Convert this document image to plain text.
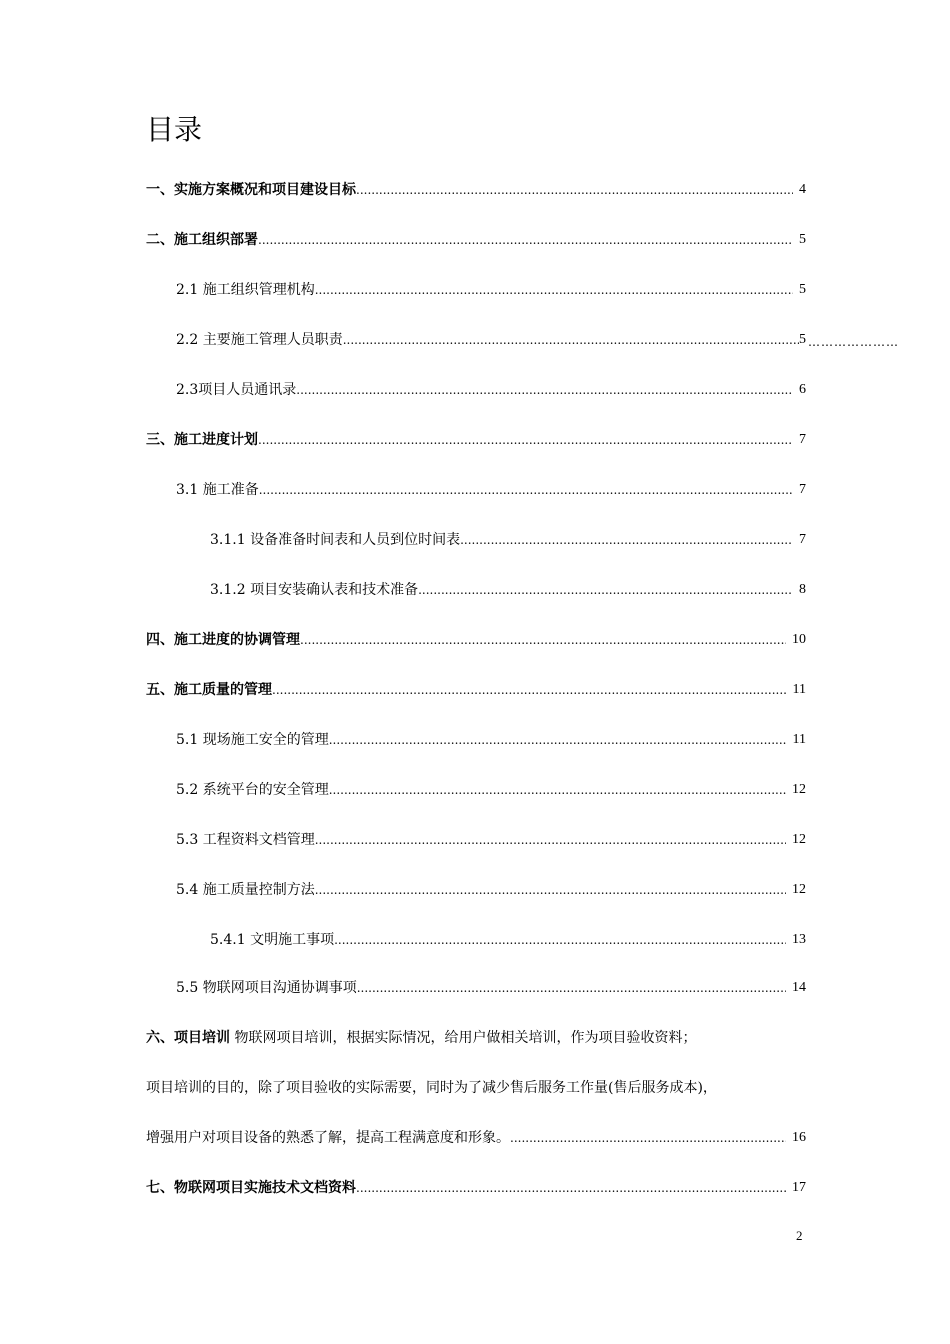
目录
一、实施方案概况和项目建设目标 .....	4
二、施工组织部署 .....	5
2.1 施工组织管理机构 .....	5
2.2 主要施工管理人员职责 .....	5 …………………
2.3项目人员通讯录 .....	6
三、施工进度计划 .....	7
3.1 施工准备 .....	7
3.1.1 设备准备时间表和人员到位时间表 .....	7
3.1.2 项目安装确认表和技术准备 .....	8
四、施工进度的协调管理 .....	10
五、施工质量的管理 .....	11
5.1 现场施工安全的管理 .....	11
5.2 系统平台的安全管理 .....	12
5.3 工程资料文档管理 .....	12
5.4 施工质量控制方法 .....	12
5.4.1 文明施工事项 .....	13
5.5 物联网项目沟通协调事项 .....	14
六、项目培训 物联网项目培训，根据实际情况，给用户做相关培训，作为项目验收资料；
项目培训的目的，除了项目验收的实际需要，同时为了减少售后服务工作量(售后服务成本)，
增强用户对项目设备的熟悉了解，提高工程满意度和形象。 .....	16
七、物联网项目实施技术文档资料 .....	17
2
